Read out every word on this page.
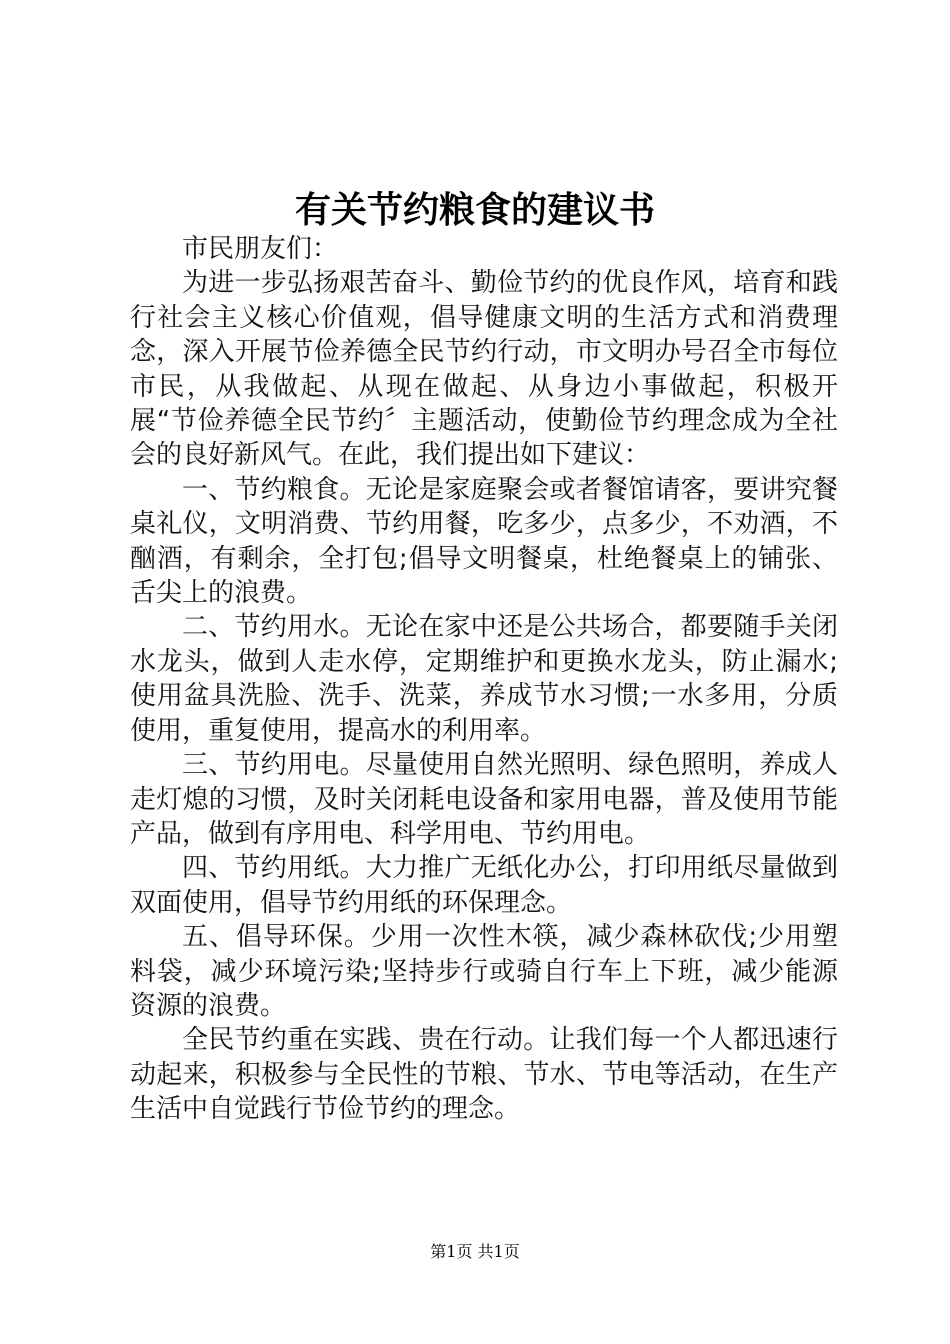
有关节约粮食的建议书

市民朋友们：

为进一步弘扬艰苦奋斗、勤俭节约的优良作风，培育和践行社会主义核心价值观，倡导健康文明的生活方式和消费理念，深入开展节俭养德全民节约行动，市文明办号召全市每位市民，从我做起、从现在做起、从身边小事做起，积极开展“节俭养德全民节约〞主题活动，使勤俭节约理念成为全社会的良好新风气。在此，我们提出如下建议：

一、节约粮食。无论是家庭聚会或者餐馆请客，要讲究餐桌礼仪，文明消费、节约用餐，吃多少，点多少，不劝酒，不酗酒，有剩余，全打包;倡导文明餐桌，杜绝餐桌上的铺张、舌尖上的浪费。

二、节约用水。无论在家中还是公共场合，都要随手关闭水龙头，做到人走水停，定期维护和更换水龙头，防止漏水;使用盆具洗脸、洗手、洗菜，养成节水习惯;一水多用，分质使用，重复使用，提高水的利用率。

三、节约用电。尽量使用自然光照明、绿色照明，养成人走灯熄的习惯，及时关闭耗电设备和家用电器，普及使用节能产品，做到有序用电、科学用电、节约用电。

四、节约用纸。大力推广无纸化办公，打印用纸尽量做到双面使用，倡导节约用纸的环保理念。

五、倡导环保。少用一次性木筷，减少森林砍伐;少用塑料袋，减少环境污染;坚持步行或骑自行车上下班，减少能源资源的浪费。

全民节约重在实践、贵在行动。让我们每一个人都迅速行动起来，积极参与全民性的节粮、节水、节电等活动，在生产生活中自觉践行节俭节约的理念。

第1页 共1页
